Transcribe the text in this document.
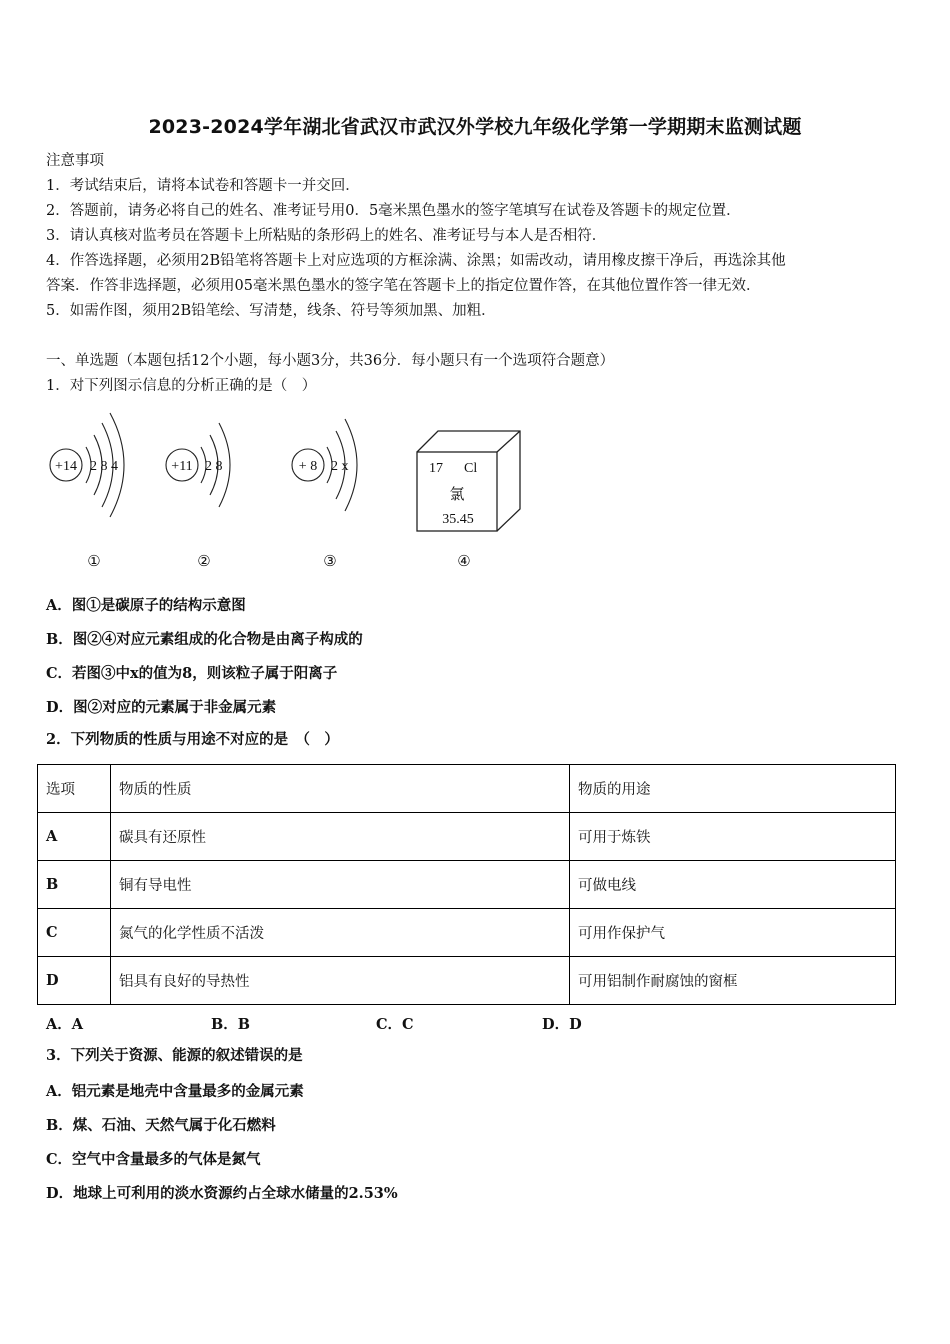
2023-2024学年湖北省武汉市武汉外学校九年级化学第一学期期末监测试题
注意事项
1．考试结束后，请将本试卷和答题卡一并交回．
2．答题前，请务必将自己的姓名、准考证号用0．5毫米黑色墨水的签字笔填写在试卷及答题卡的规定位置．
3．请认真核对监考员在答题卡上所粘贴的条形码上的姓名、准考证号与本人是否相符．
4．作答选择题，必须用2B铅笔将答题卡上对应选项的方框涂满、涂黑；如需改动，请用橡皮擦干净后，再选涂其他
答案．作答非选择题，必须用05毫米黑色墨水的签字笔在答题卡上的指定位置作答，在其他位置作答一律无效．
5．如需作图，须用2B铅笔绘、写清楚，线条、符号等须加黑、加粗．
一、单选题（本题包括12个小题，每小题3分，共36分．每小题只有一个选项符合题意）
1．对下列图示信息的分析正确的是（　）
+14 2 8 4
①
+11 2 8
②
+ 8 2 x
③
17 Cl
氯
35.45
④
A．图①是碳原子的结构示意图
B．图②④对应元素组成的化合物是由离子构成的
C．若图③中x的值为8，则该粒子属于阳离子
D．图②对应的元素属于非金属元素
2．下列物质的性质与用途不对应的是　（　）
选项	物质的性质	物质的用途
A	碳具有还原性	可用于炼铁
B	铜有导电性	可做电线
C	氮气的化学性质不活泼	可用作保护气
D	铝具有良好的导热性	可用铝制作耐腐蚀的窗框
A．A	B．B	C．C	D．D
3．下列关于资源、能源的叙述错误的是
A．铝元素是地壳中含量最多的金属元素
B．煤、石油、天然气属于化石燃料
C．空气中含量最多的气体是氮气
D．地球上可利用的淡水资源约占全球水储量的2.53%
